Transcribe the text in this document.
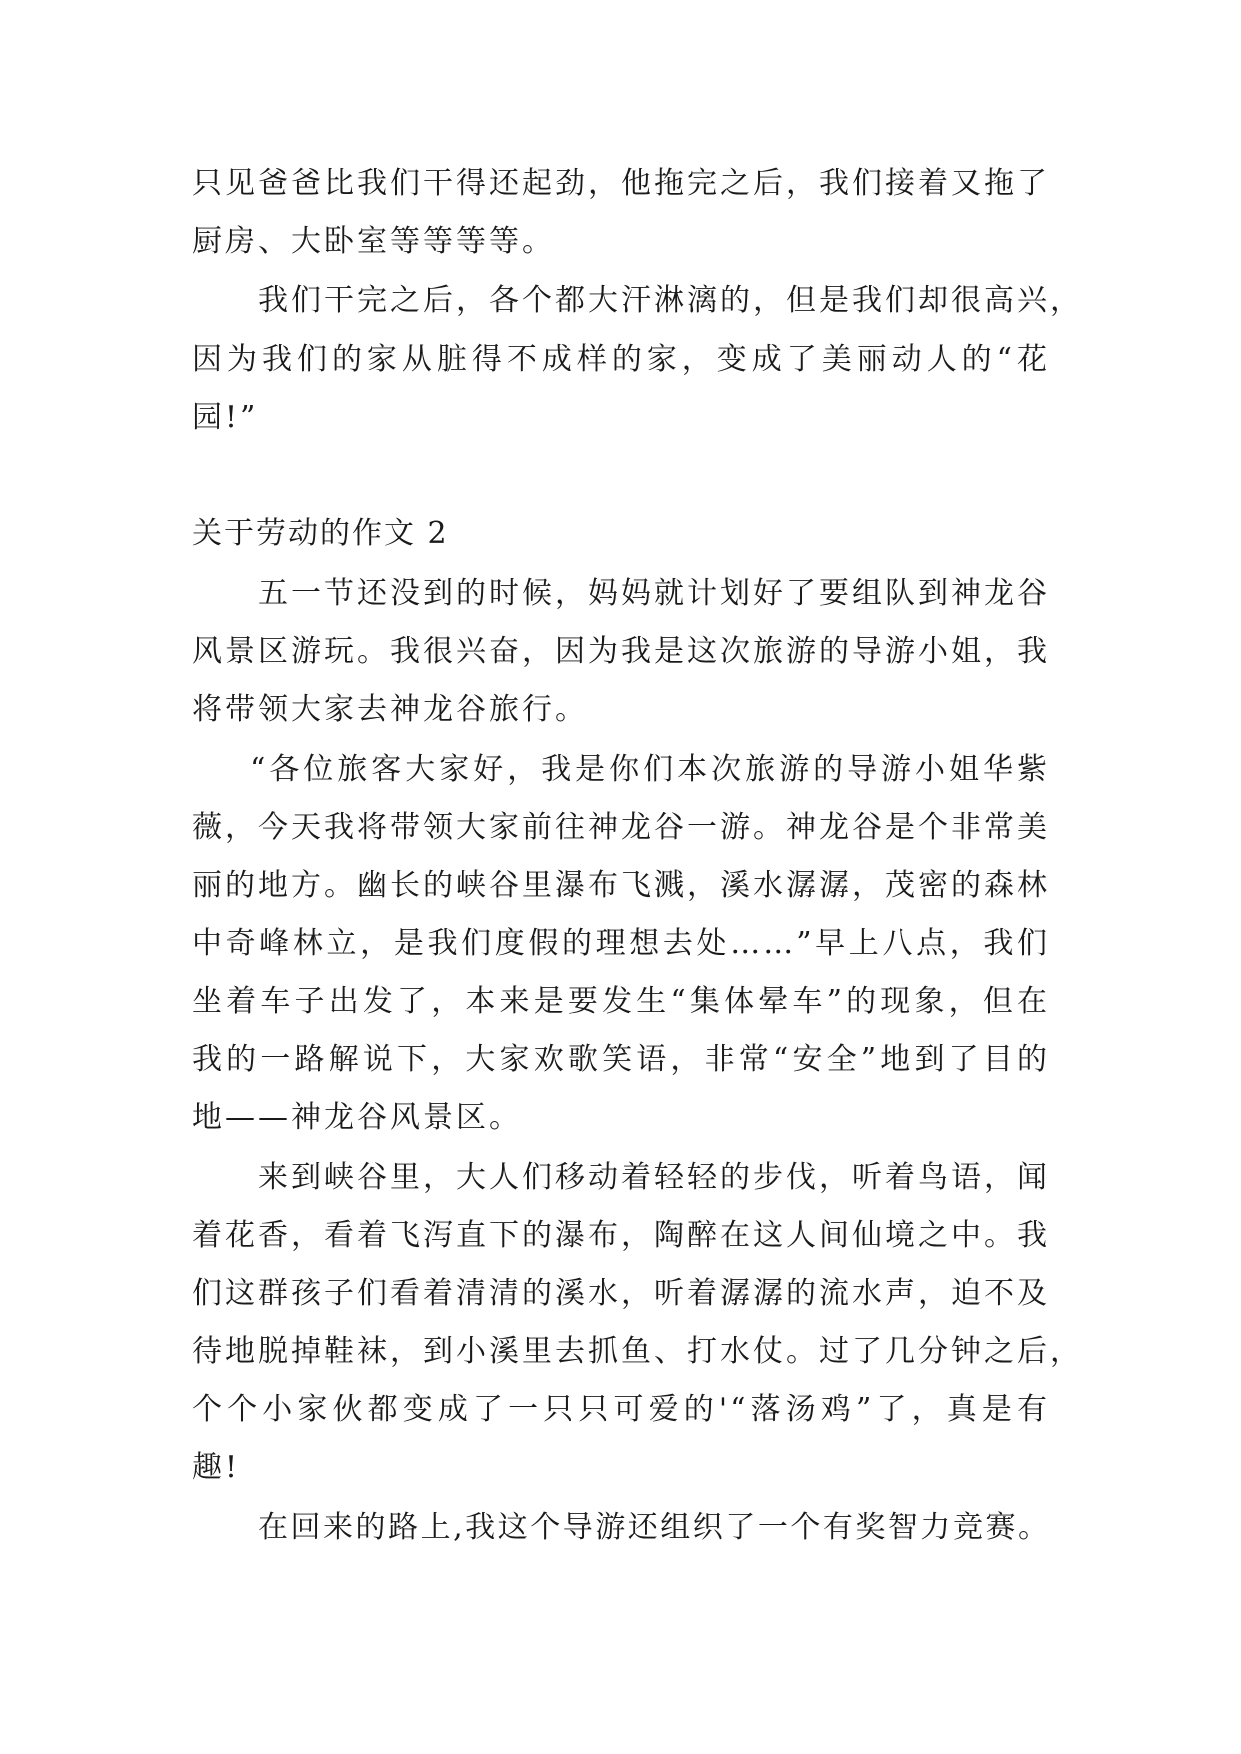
只见爸爸比我们干得还起劲，他拖完之后，我们接着又拖了
厨房、大卧室等等等等。
我们干完之后，各个都大汗淋漓的，但是我们却很高兴，
因为我们的家从脏得不成样的家，变成了美丽动人的“花
园!”
关于劳动的作文 2
五一节还没到的时候，妈妈就计划好了要组队到神龙谷
风景区游玩。我很兴奋，因为我是这次旅游的导游小姐，我
将带领大家去神龙谷旅行。
“各位旅客大家好，我是你们本次旅游的导游小姐华紫
薇，今天我将带领大家前往神龙谷一游。神龙谷是个非常美
丽的地方。幽长的峡谷里瀑布飞溅，溪水潺潺，茂密的森林
中奇峰林立，是我们度假的理想去处……”早上八点，我们
坐着车子出发了，本来是要发生“集体晕车”的现象，但在
我的一路解说下，大家欢歌笑语，非常“安全”地到了目的
地——神龙谷风景区。
来到峡谷里，大人们移动着轻轻的步伐，听着鸟语，闻
着花香，看着飞泻直下的瀑布，陶醉在这人间仙境之中。我
们这群孩子们看着清清的溪水，听着潺潺的流水声，迫不及
待地脱掉鞋袜，到小溪里去抓鱼、打水仗。过了几分钟之后，
个个小家伙都变成了一只只可爱的'“落汤鸡”了，真是有
趣!
在回来的路上,我这个导游还组织了一个有奖智力竞赛。
